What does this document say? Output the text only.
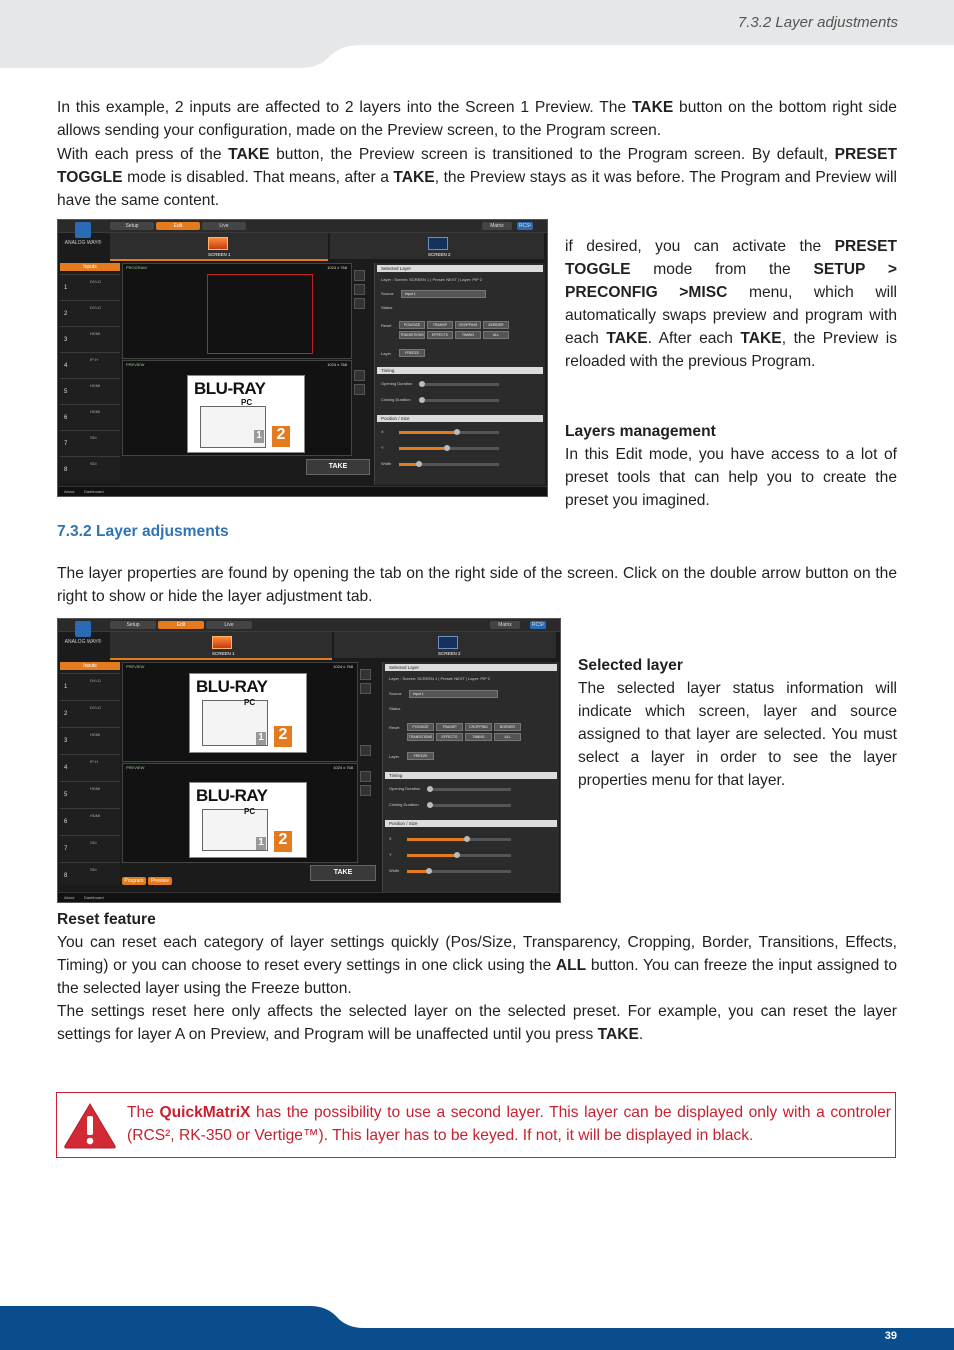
7.3.2 Layer adjustments

In this example, 2 inputs are affected to 2 layers into the Screen 1 Preview. The TAKE button on the bottom right side allows sending your configuration, made on the Preview screen, to the Program screen.

With each press of the TAKE button, the Preview screen is transitioned to the Program screen. By default, PRESET TOGGLE mode is disabled. That means, after a TAKE, the Preview stays as it was before. The Program and Preview will have the same content.

Setup	Edit	Live	Matrix	RCS²
ANALOG WAY®
SCREEN 1	SCREEN 2
Inputs
1
DVI-D
2
DVI-D
3
HDMI
4
IP-H
5
HDMI
6
HDMI
7
SDI
8
SDI
PROGRAM	1024 x 768
PREVIEW	1024 x 768
BLU-RAY
PC
1 2
Selected Layer
Layer : Screen: SCREEN 1 | Preset: NEXT | Layer: PIP 2
Source	Input 1
Status
Reset	POS/SIZE	TRANSP	CROPPING	BORDER
TRANSITIONS	EFFECTS	TIMING	ALL
Layer	FREEZE
Timing
Opening Duration
Closing Duration
Position / Size
X
Y
Width
TAKE
About Dashboard

if desired, you can activate the PRESET TOGGLE mode from the SETUP > PRECONFIG >MISC menu, which will automatically swaps preview and program with each TAKE. After each TAKE, the Preview is reloaded with the previous Program.

Layers management
In this Edit mode, you have access to a lot of preset tools that can help you to create the preset you imagined.

7.3.2 Layer adjusments

The layer properties are found by opening the tab on the right side of the screen. Click on the double arrow button on the right to show or hide the layer adjustment tab.

Setup	Edit	Live	Matrix	RCS²
ANALOG WAY®
SCREEN 1	SCREEN 2
Inputs
1
DVI-D
2
DVI-D
3
HDMI
4
IP-H
5
HDMI
6
HDMI
7
SDI
8
SDI
PREVIEW	1024 x 768
BLU-RAY
PC
1 2
PREVIEW	1024 x 768
BLU-RAY
PC
1 2
Selected Layer
Layer : Screen: SCREEN 1 | Preset: NEXT | Layer: PIP 2
Source	Input 1
Status
Reset	POS/SIZE	TRANSP	CROPPING	BORDER
TRANSITIONS	EFFECTS	TIMING	ALL
Layer	FREEZE
Timing
Opening Duration
Closing Duration
Position / Size
X
Y
Width
TAKE
Program	Preview
About Dashboard

Selected layer
The selected layer status information will indicate which screen, layer and source assigned to that layer are selected. You must select a layer in order to see the layer properties menu for that layer.

Reset feature
You can reset each category of layer settings quickly (Pos/Size, Transparency, Cropping, Border, Transitions, Effects, Timing) or you can choose to reset every settings in one click using the ALL button. You can freeze the input assigned to the selected layer using the Freeze button.
The settings reset here only affects the selected layer on the selected preset. For example, you can reset the layer settings for layer A on Preview, and Program will be unaffected until you press TAKE.

The QuickMatriX has the possibility to use a second layer. This layer can be displayed only with a controler (RCS², RK-350 or Vertige™). This layer has to be keyed. If not, it will be displayed in black.

39
